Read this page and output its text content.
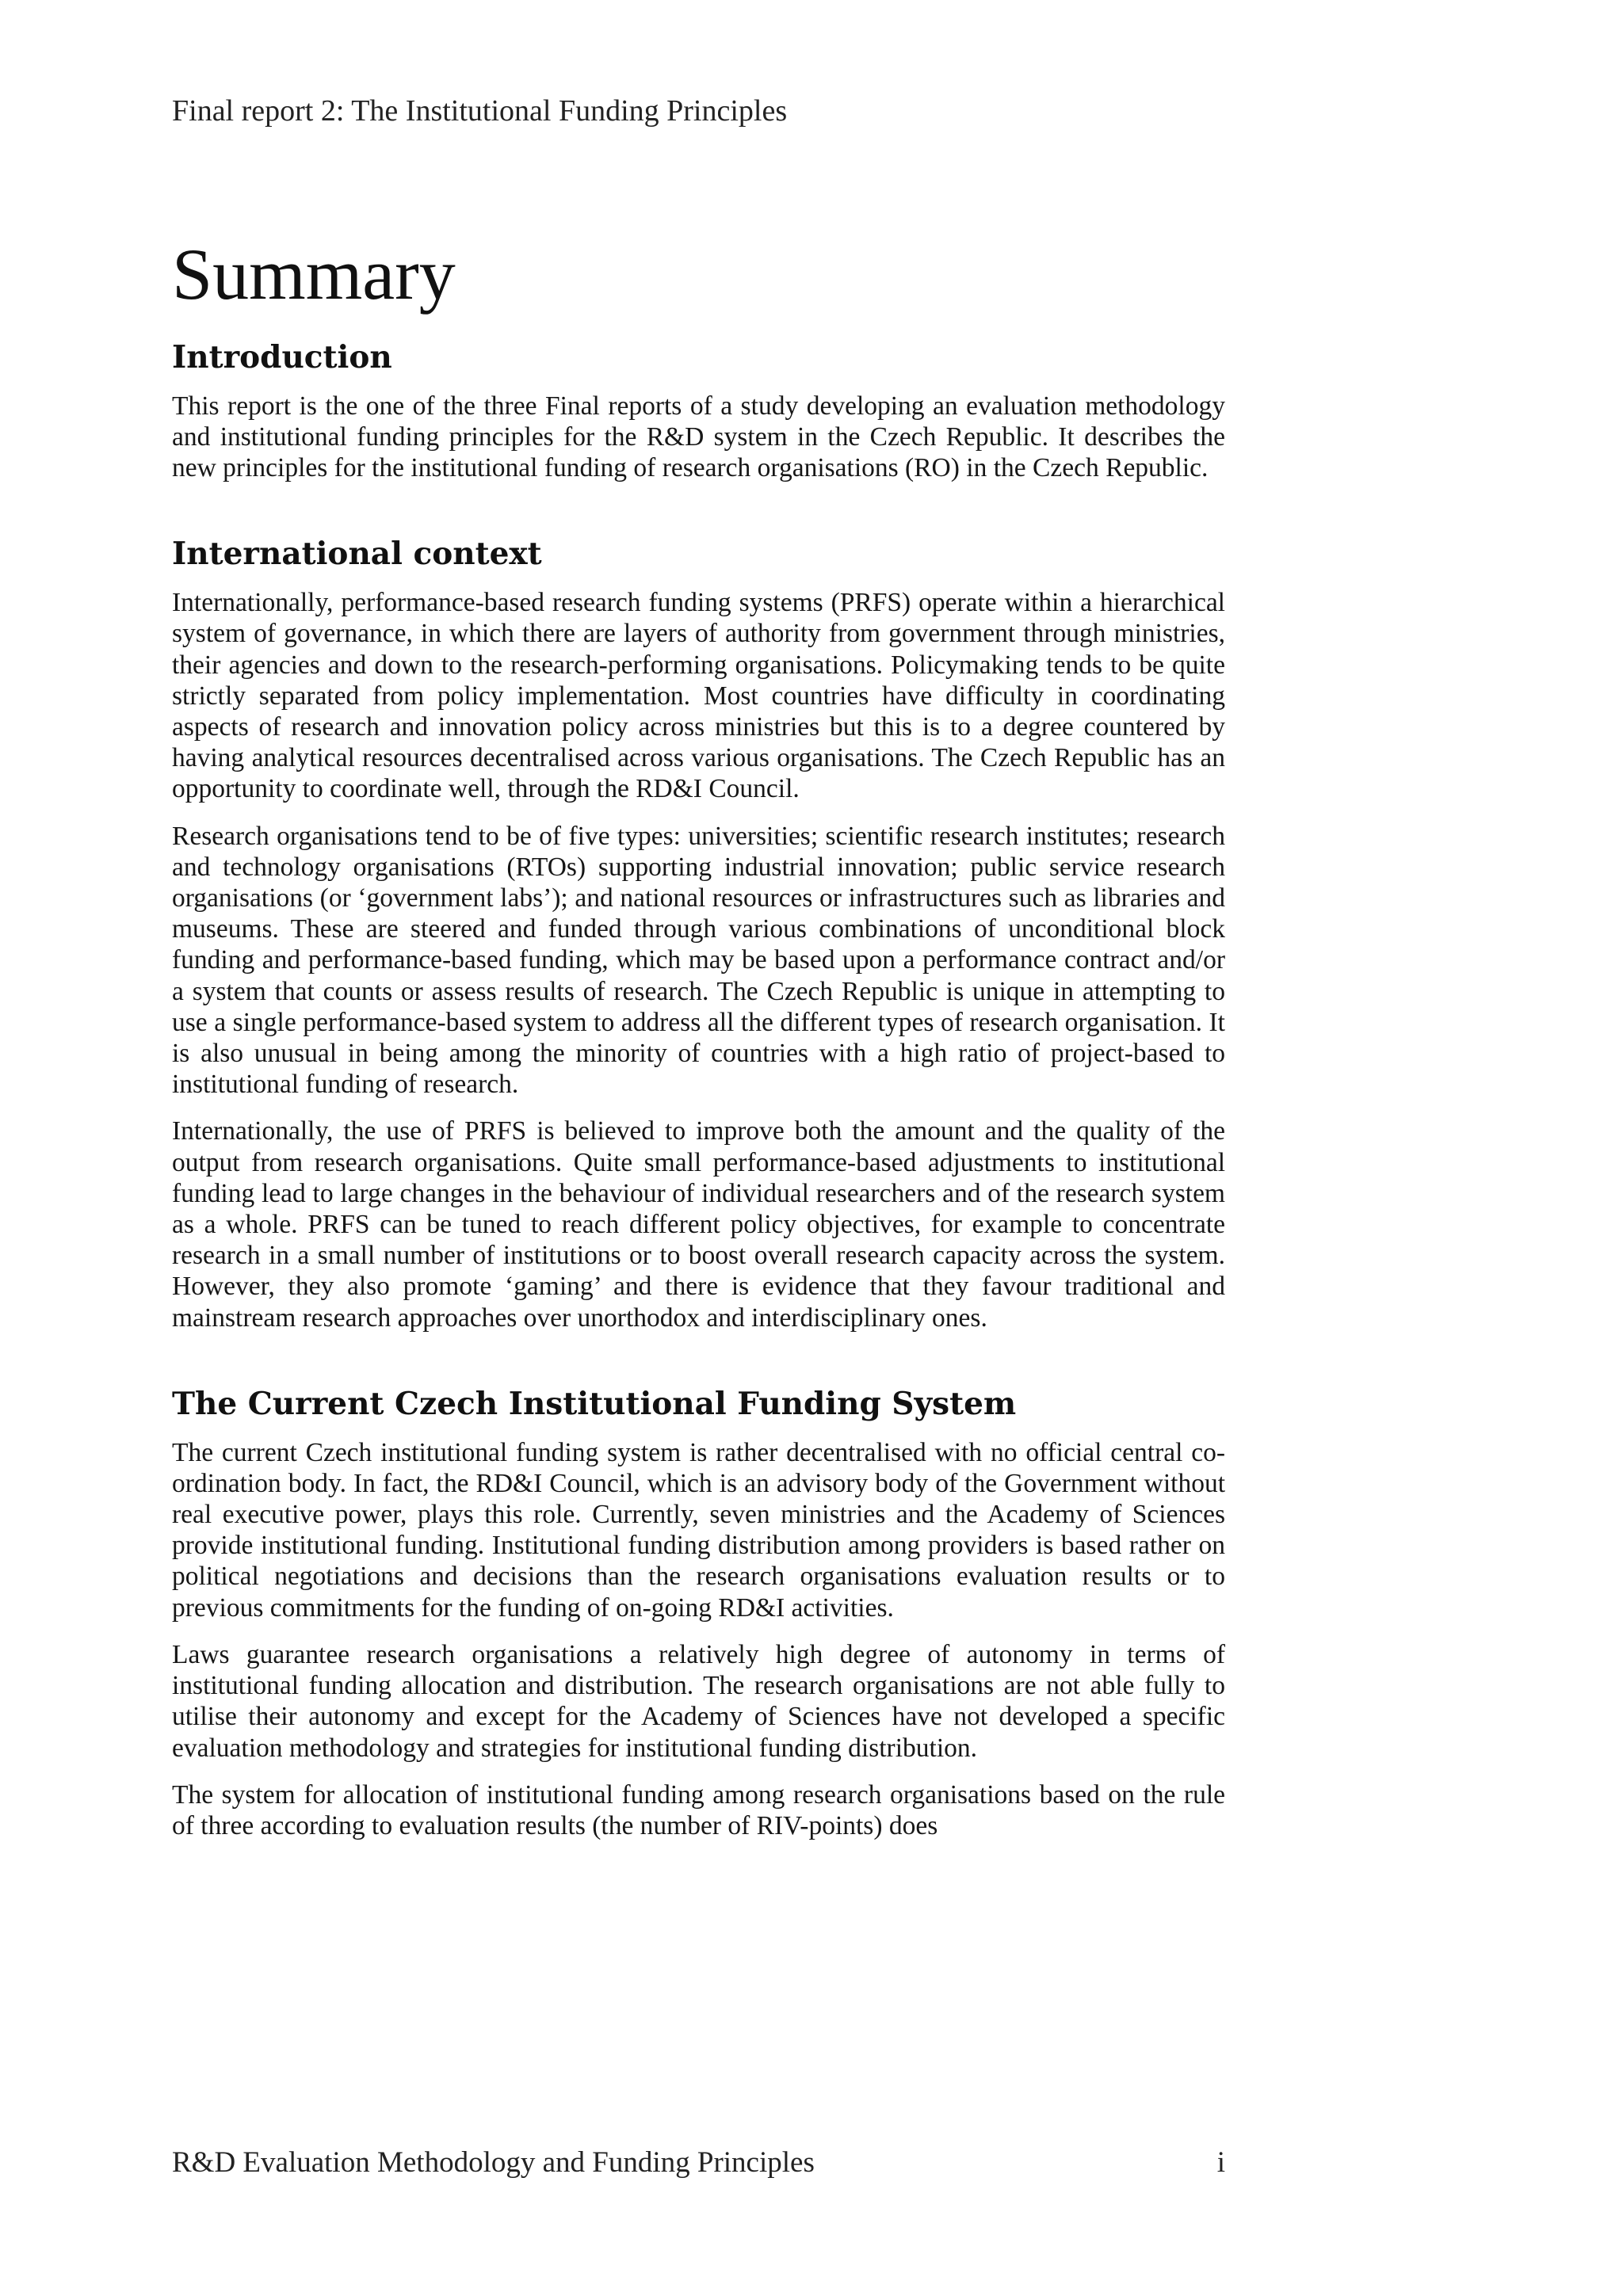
Final report 2: The Institutional Funding Principles

Summary
Introduction

This report is the one of the three Final reports of a study developing an evaluation methodology and institutional funding principles for the R&D system in the Czech Republic. It describes the new principles for the institutional funding of research organisations (RO) in the Czech Republic.

International context

Internationally, performance-based research funding systems (PRFS) operate within a hierarchical system of governance, in which there are layers of authority from government through ministries, their agencies and down to the research-performing organisations. Policymaking tends to be quite strictly separated from policy implementation. Most countries have difficulty in coordinating aspects of research and innovation policy across ministries but this is to a degree countered by having analytical resources decentralised across various organisations. The Czech Republic has an opportunity to coordinate well, through the RD&I Council.

Research organisations tend to be of five types: universities; scientific research institutes; research and technology organisations (RTOs) supporting industrial innovation; public service research organisations (or ‘government labs’); and national resources or infrastructures such as libraries and museums. These are steered and funded through various combinations of unconditional block funding and performance-based funding, which may be based upon a performance contract and/or a system that counts or assess results of research. The Czech Republic is unique in attempting to use a single performance-based system to address all the different types of research organisation. It is also unusual in being among the minority of countries with a high ratio of project-based to institutional funding of research.

Internationally, the use of PRFS is believed to improve both the amount and the quality of the output from research organisations. Quite small performance-based adjustments to institutional funding lead to large changes in the behaviour of individual researchers and of the research system as a whole. PRFS can be tuned to reach different policy objectives, for example to concentrate research in a small number of institutions or to boost overall research capacity across the system. However, they also promote ‘gaming’ and there is evidence that they favour traditional and mainstream research approaches over unorthodox and interdisciplinary ones.

The Current Czech Institutional Funding System

The current Czech institutional funding system is rather decentralised with no official central co-ordination body. In fact, the RD&I Council, which is an advisory body of the Government without real executive power, plays this role. Currently, seven ministries and the Academy of Sciences provide institutional funding. Institutional funding distribution among providers is based rather on political negotiations and decisions than the research organisations evaluation results or to previous commitments for the funding of on-going RD&I activities.

Laws guarantee research organisations a relatively high degree of autonomy in terms of institutional funding allocation and distribution. The research organisations are not able fully to utilise their autonomy and except for the Academy of Sciences have not developed a specific evaluation methodology and strategies for institutional funding distribution.

The system for allocation of institutional funding among research organisations based on the rule of three according to evaluation results (the number of RIV-points) does

R&D Evaluation Methodology and Funding Principles	i
